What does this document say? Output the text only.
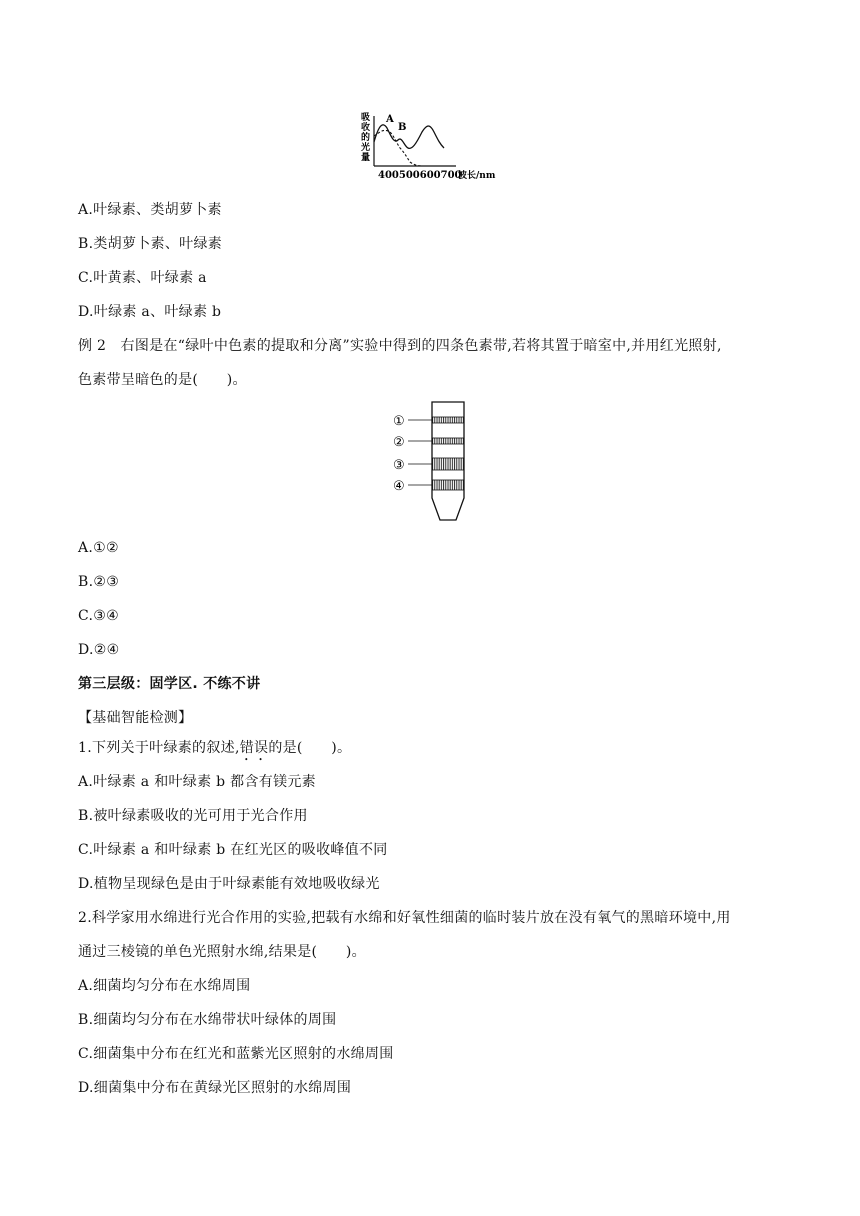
吸
收
的
光
量
A
B
400500600700
波长/nm
A.叶绿素、类胡萝卜素
B.类胡萝卜素、叶绿素
C.叶黄素、叶绿素 a
D.叶绿素 a、叶绿素 b
例 2　右图是在“绿叶中色素的提取和分离”实验中得到的四条色素带,若将其置于暗室中,并用红光照射,
色素带呈暗色的是(　　)。
①
②
③
④
A.①②
B.②③
C.③④
D.②④
第三层级：固学区. 不练不讲
【基础智能检测】
1.下列关于叶绿素的叙述,错误的是(　　)。
A.叶绿素 a 和叶绿素 b 都含有镁元素
B.被叶绿素吸收的光可用于光合作用
C.叶绿素 a 和叶绿素 b 在红光区的吸收峰值不同
D.植物呈现绿色是由于叶绿素能有效地吸收绿光
2.科学家用水绵进行光合作用的实验,把载有水绵和好氧性细菌的临时装片放在没有氧气的黑暗环境中,用
通过三棱镜的单色光照射水绵,结果是(　　)。
A.细菌均匀分布在水绵周围
B.细菌均匀分布在水绵带状叶绿体的周围
C.细菌集中分布在红光和蓝紫光区照射的水绵周围
D.细菌集中分布在黄绿光区照射的水绵周围
